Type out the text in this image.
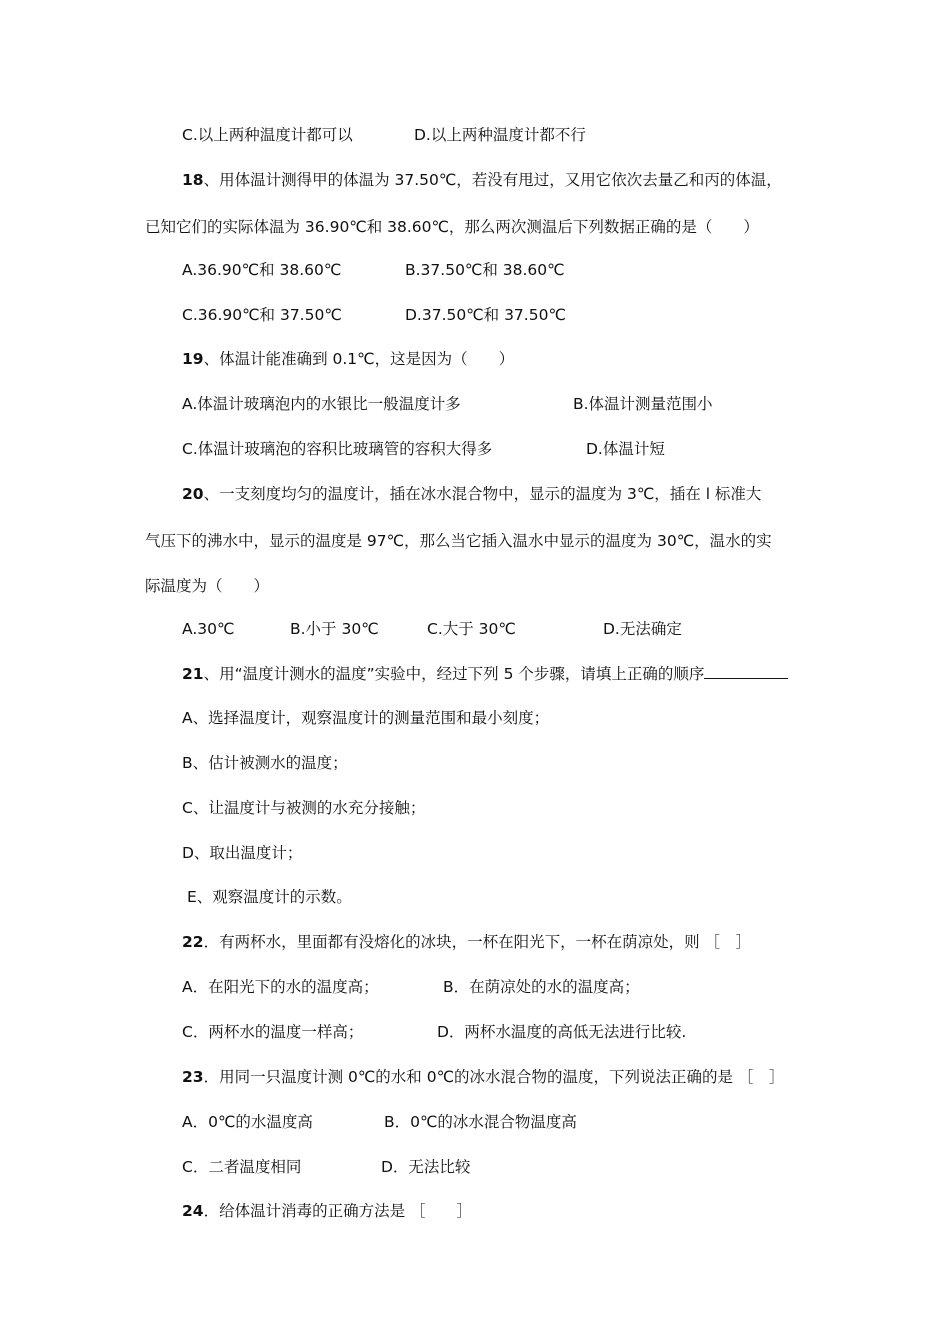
C.以上两种温度计都可以	D.以上两种温度计都不行
18、用体温计测得甲的体温为 37.50℃，若没有甩过，又用它依次去量乙和丙的体温，
已知它们的实际体温为 36.90℃和 38.60℃，那么两次测温后下列数据正确的是（　　）
A.36.90℃和 38.60℃	B.37.50℃和 38.60℃
C.36.90℃和 37.50℃	D.37.50℃和 37.50℃
19、体温计能准确到 0.1℃，这是因为（　　）
A.体温计玻璃泡内的水银比一般温度计多	B.体温计测量范围小
C.体温计玻璃泡的容积比玻璃管的容积大得多	D.体温计短
20、一支刻度均匀的温度计，插在冰水混合物中，显示的温度为 3℃，插在 l 标准大
气压下的沸水中，显示的温度是 97℃，那么当它插入温水中显示的温度为 30℃，温水的实
际温度为（　　）
A.30℃	B.小于 30℃	C.大于 30℃	D.无法确定
21、用“温度计测水的温度”实验中，经过下列 5 个步骤，请填上正确的顺序
A、选择温度计，观察温度计的测量范围和最小刻度；
B、估计被测水的温度；
C、让温度计与被测的水充分接触；
D、取出温度计；
E、观察温度计的示数。
22．有两杯水，里面都有没熔化的冰块，一杯在阳光下，一杯在荫凉处，则 ［　］
A．在阳光下的水的温度高；	B．在荫凉处的水的温度高；
C．两杯水的温度一样高；	D．两杯水温度的高低无法进行比较.
23．用同一只温度计测 0℃的水和 0℃的冰水混合物的温度，下列说法正确的是 ［　］
A．0℃的水温度高	B．0℃的冰水混合物温度高
C．二者温度相同	D．无法比较
24．给体温计消毒的正确方法是 ［　　］
